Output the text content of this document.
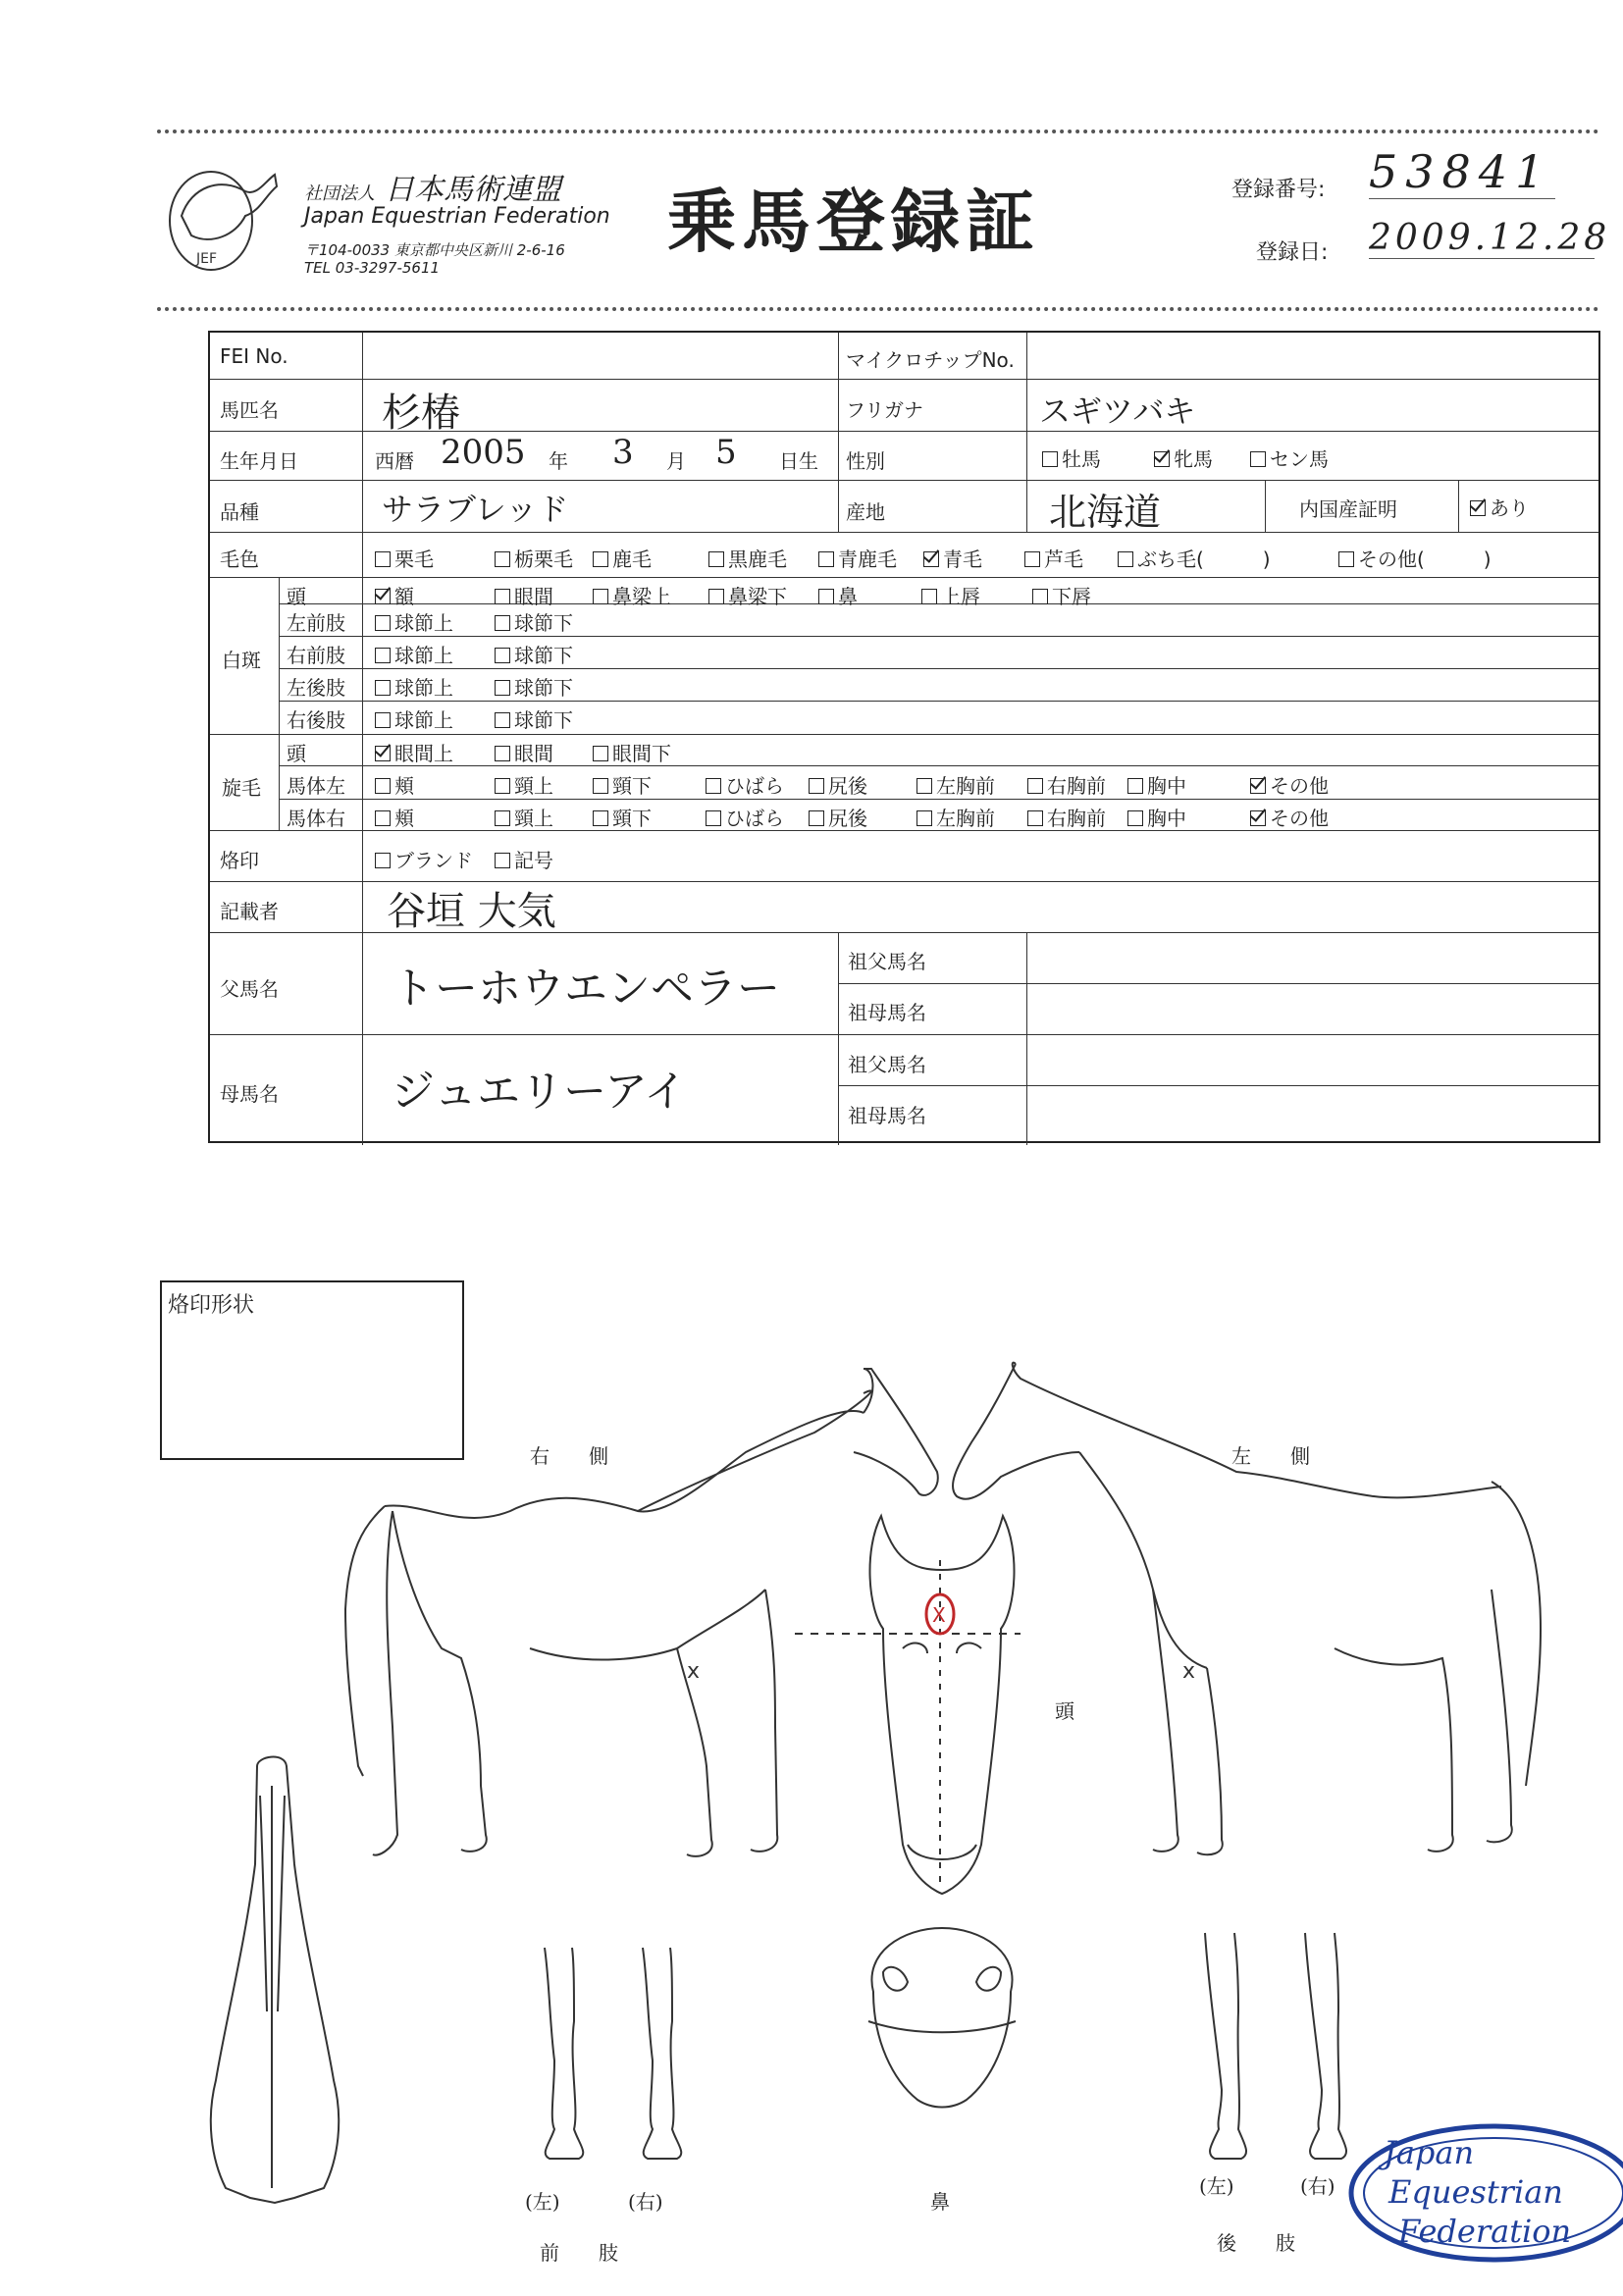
JEF
x	x
X
Japan
Equestrian
Federation
社団法人 日本馬術連盟
Japan Equestrian Federation
〒104-0033 東京都中央区新川 2-6-16
TEL 03-3297-5611
乗馬登録証	登録番号: 53841
登録日: 2009.12.28
FEI No.	マイクロチップNo.
馬匹名	杉椿	フリガナ	スギツバキ
生年月日	西暦 2005 年 3 月 5 日生 性別	牡馬	牝馬	セン馬
品種	サラブレッド	産地	北海道	内国産証明	あり
毛色	栗毛	栃栗毛	鹿毛	黒鹿毛	青鹿毛	青毛	芦毛	ぶち毛(　　　)	その他(　　　)
白斑
頭	額	眼間	鼻梁上	鼻梁下	鼻	上唇	下唇
左前肢	球節上	球節下
右前肢	球節上	球節下
左後肢	球節上	球節下
右後肢	球節上	球節下
旋毛
頭	眼間上	眼間	眼間下
馬体左	頬	頸上	頸下	ひばら	尻後	左胸前	右胸前	胸中	その他
馬体右	頬	頸上	頸下	ひばら	尻後	左胸前	右胸前	胸中	その他
烙印	ブランド	記号
記載者	谷垣 大気
父馬名	トーホウエンペラー
祖父馬名
祖母馬名
母馬名	ジュエリーアイ
祖父馬名
祖母馬名
烙印形状
右　　側	左　　側
頭
(左)	(右)
前　　肢
鼻
(左)	(右)
後　　肢
